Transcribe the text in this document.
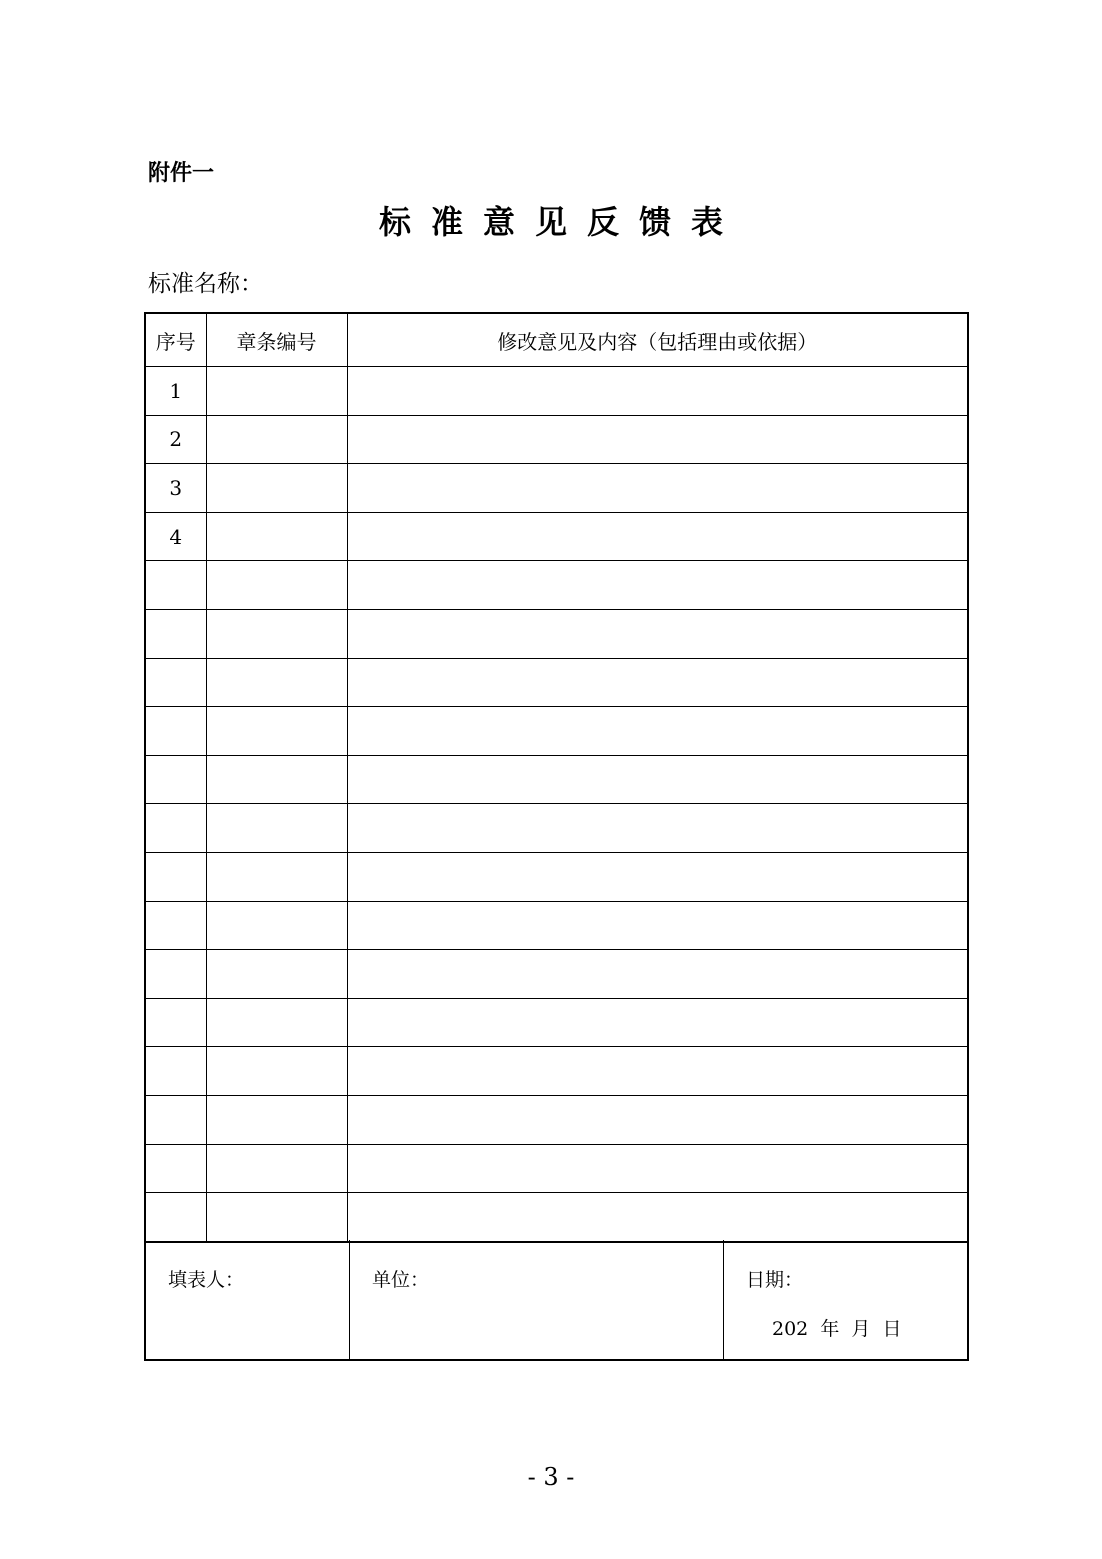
附件一
标准意见反馈表
标准名称：
序号	章条编号	修改意见及内容（包括理由或依据）
1		
2		
3		
4		

填表人：	单位：	日期：
202  年  月  日
- 3 -
